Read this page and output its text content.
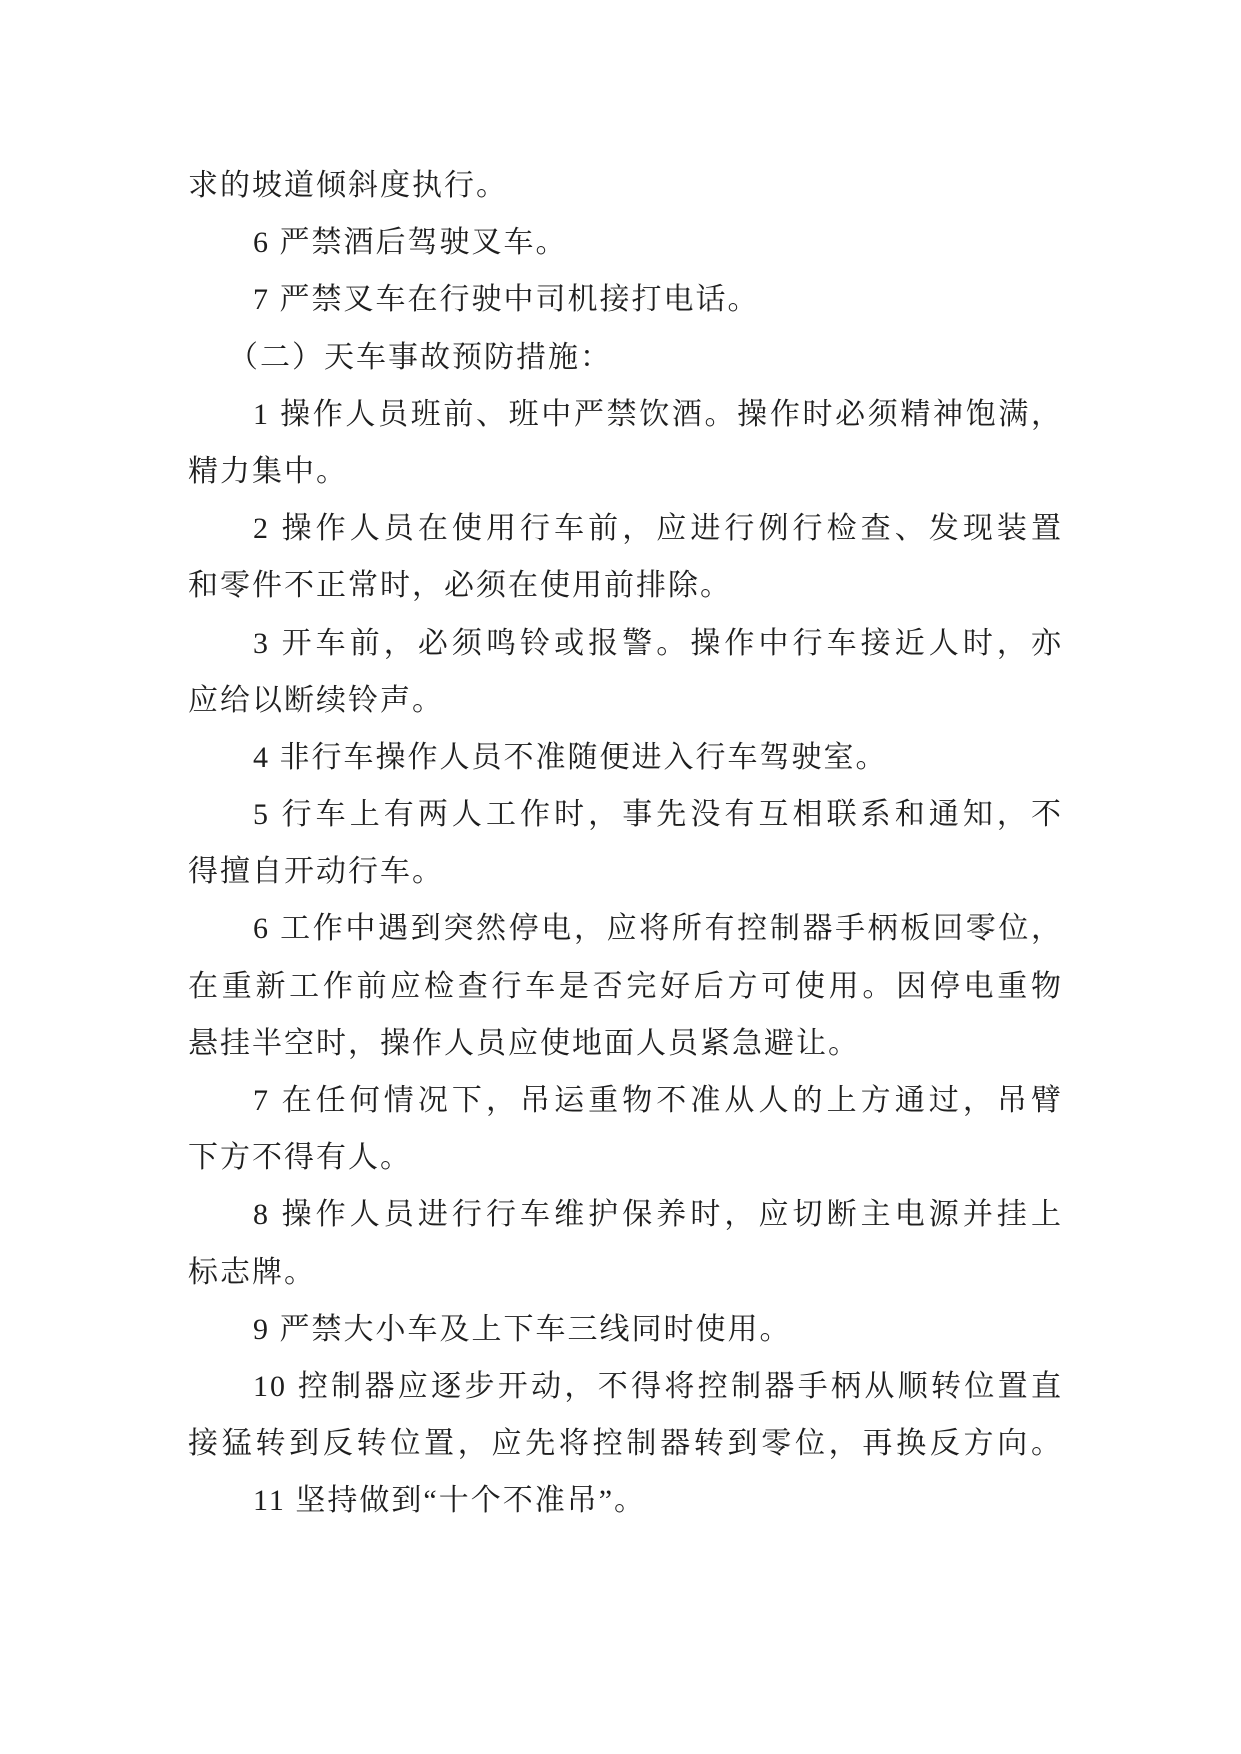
求的坡道倾斜度执行。
6 严禁酒后驾驶叉车。
7 严禁叉车在行驶中司机接打电话。
（二）天车事故预防措施：
1 操作人员班前、班中严禁饮酒。操作时必须精神饱满，
精力集中。
2 操作人员在使用行车前，应进行例行检查、发现装置
和零件不正常时，必须在使用前排除。
3 开车前，必须鸣铃或报警。操作中行车接近人时，亦
应给以断续铃声。
4 非行车操作人员不准随便进入行车驾驶室。
5 行车上有两人工作时，事先没有互相联系和通知，不
得擅自开动行车。
6 工作中遇到突然停电，应将所有控制器手柄板回零位，
在重新工作前应检查行车是否完好后方可使用。因停电重物
悬挂半空时，操作人员应使地面人员紧急避让。
7 在任何情况下，吊运重物不准从人的上方通过，吊臂
下方不得有人。
8 操作人员进行行车维护保养时，应切断主电源并挂上
标志牌。
9 严禁大小车及上下车三线同时使用。
10 控制器应逐步开动，不得将控制器手柄从顺转位置直
接猛转到反转位置，应先将控制器转到零位，再换反方向。
11 坚持做到“十个不准吊”。
